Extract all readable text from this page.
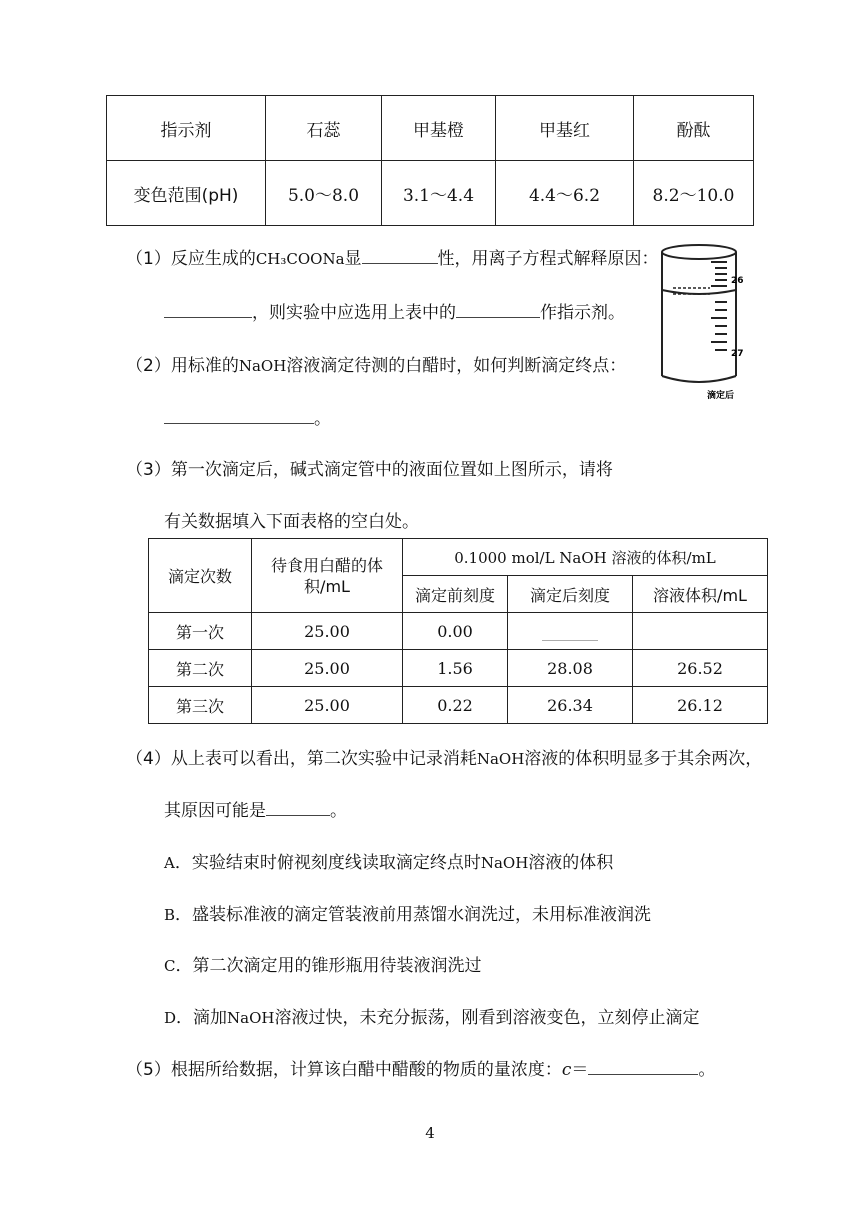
指示剂	石蕊	甲基橙	甲基红	酚酞
变色范围(pH)	5.0～8.0	3.1～4.4	4.4～6.2	8.2～10.0
（1）反应生成的CH₃COONa显	性，用离子方程式解释原因：
，则实验中应选用上表中的	作指示剂。
（2）用标准的NaOH溶液滴定待测的白醋时，如何判断滴定终点：
。
26
27
滴定后
（3）第一次滴定后，碱式滴定管中的液面位置如上图所示，请将
有关数据填入下面表格的空白处。
滴定次数	待食用白醋的体积/mL	0.1000 mol/L NaOH 溶液的体积/mL		
		滴定前刻度	滴定后刻度	溶液体积/mL
第一次	25.00	0.00	_______	
第二次	25.00	1.56	28.08	26.52
第三次	25.00	0.22	26.34	26.12
（4）从上表可以看出，第二次实验中记录消耗NaOH溶液的体积明显多于其余两次，
其原因可能是	。
A．实验结束时俯视刻度线读取滴定终点时NaOH溶液的体积
B．盛装标准液的滴定管装液前用蒸馏水润洗过，未用标准液润洗
C．第二次滴定用的锥形瓶用待装液润洗过
D．滴加NaOH溶液过快，未充分振荡，刚看到溶液变色，立刻停止滴定
（5）根据所给数据，计算该白醋中醋酸的物质的量浓度：c＝	。
4
